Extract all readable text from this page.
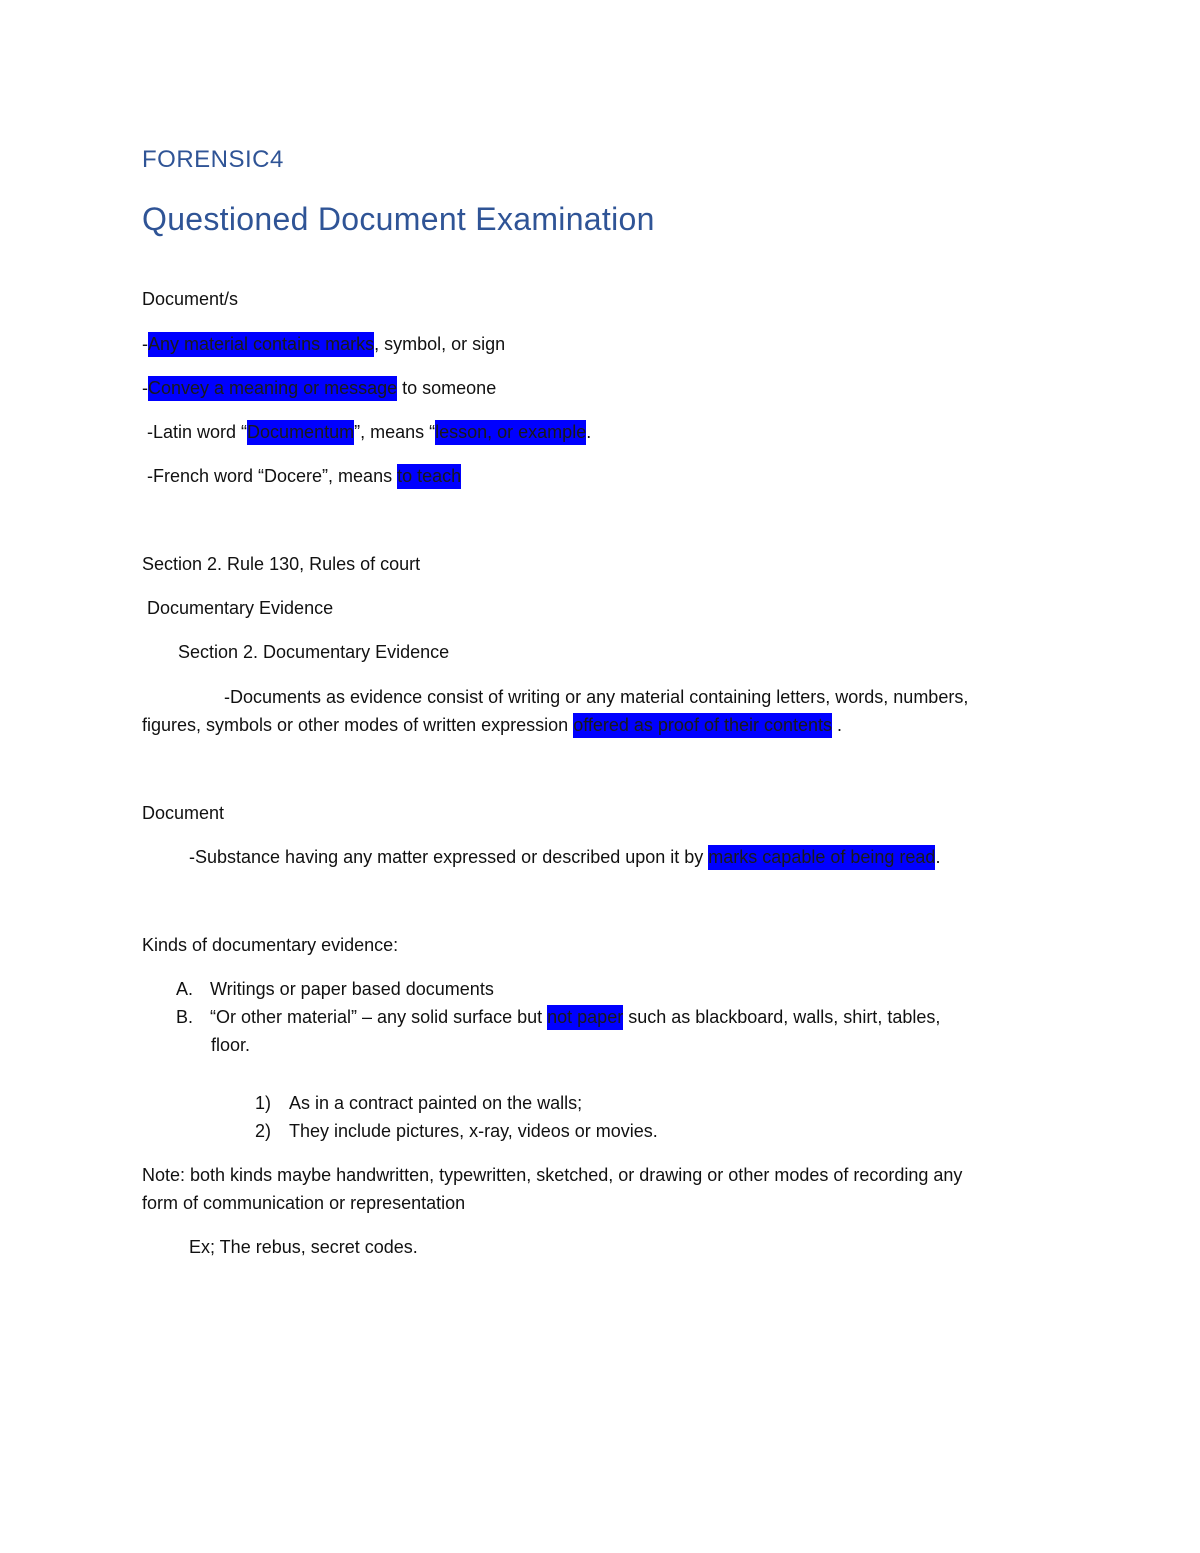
FORENSIC4
Questioned Document Examination
Document/s
-Any material contains marks, symbol, or sign
-Convey a meaning or message to someone
-Latin word “Documentum”, means “lesson, or example.
-French word “Docere”, means to teach
Section 2. Rule 130, Rules of court
Documentary Evidence
Section 2. Documentary Evidence
-Documents as evidence consist of writing or any material containing letters, words, numbers,
figures, symbols or other modes of written expression offered as proof of their contents .
Document
-Substance having any matter expressed or described upon it by marks capable of being read.
Kinds of documentary evidence:
A. Writings or paper based documents
B. “Or other material” – any solid surface but not paper such as blackboard, walls, shirt, tables,
floor.
1) As in a contract painted on the walls;
2) They include pictures, x-ray, videos or movies.
Note: both kinds maybe handwritten, typewritten, sketched, or drawing or other modes of recording any
form of communication or representation
Ex; The rebus, secret codes.
